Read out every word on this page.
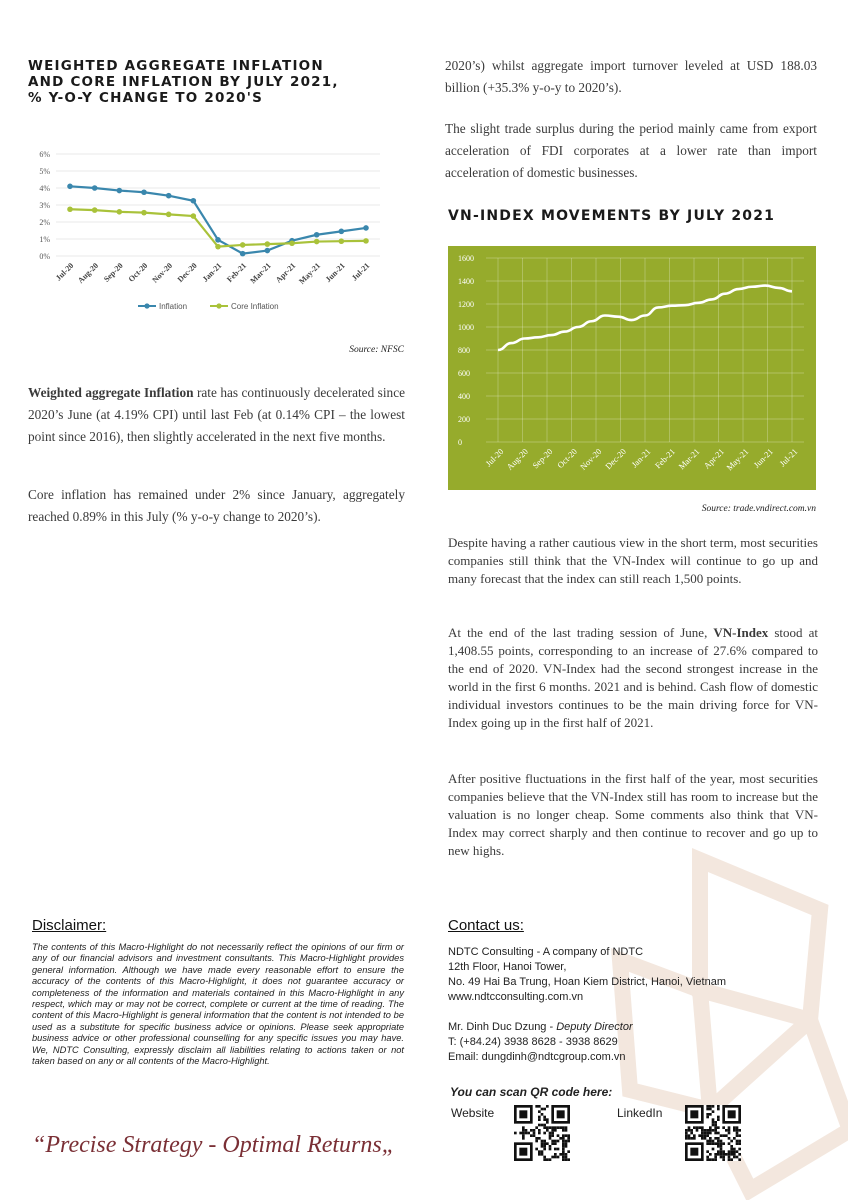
WEIGHTED AGGREGATE INFLATION AND CORE INFLATION BY JULY 2021, % Y-O-Y CHANGE TO 2020'S
0%
1%
2%
3%
4%
5%
6%
Jul-20 Aug-20 Sep-20 Oct-20 Nov-20 Dec-20 Jan-21 Feb-21 Mar-21 Apr-21 May-21 Jun-21 Jul-21
Inflation	Core Inflation
Source: NFSC
Weighted aggregate Inflation rate has continuously decelerated since 2020’s June (at 4.19% CPI) until last Feb (at 0.14% CPI – the lowest point since 2016), then slightly accelerated in the next five months.
Core inflation has remained under 2% since January, aggregately reached 0.89% in this July (% y-o-y change to 2020’s).
2020’s) whilst aggregate import turnover leveled at USD 188.03 billion (+35.3% y-o-y to 2020’s).
The slight trade surplus during the period mainly came from export acceleration of FDI corporates at a lower rate than import acceleration of domestic businesses.
VN-INDEX MOVEMENTS BY JULY 2021
0
200
400
600
800
1000
1200
1400
1600
Jul-20 Aug-20 Sep-20 Oct-20 Nov-20 Dec-20 Jan-21 Feb-21 Mar-21 Apr-21
May-21 Jun-21 Jul-21
Source: trade.vndirect.com.vn
Despite having a rather cautious view in the short term, most securities companies still think that the VN-Index will continue to go up and many forecast that the index can still reach 1,500 points.
At the end of the last trading session of June, VN-Index stood at 1,408.55 points, corresponding to an increase of 27.6% compared to the end of 2020. VN-Index had the second strongest increase in the world in the first 6 months. 2021 and is behind. Cash flow of domestic individual investors continues to be the main driving force for VN-Index going up in the first half of 2021.
After positive fluctuations in the first half of the year, most securities companies believe that the VN-Index still has room to increase but the valuation is no longer cheap. Some comments also think that VN-Index may correct sharply and then continue to recover and go up to new highs.
Disclaimer:
The contents of this Macro-Highlight do not necessarily reflect the opinions of our firm or any of our financial advisors and investment consultants. This Macro-Highlight provides general information. Although we have made every reasonable effort to ensure the accuracy of the contents of this Macro-Highlight, it does not guarantee accuracy or completeness of the information and materials contained in this Macro-Highlight in any respect, which may or may not be correct, complete or current at the time of reading. The content of this Macro-Highlight is general information that the content is not intended to be used as a substitute for specific business advice or opinions. Please seek appropriate business advice or other professional counselling for any specific issues you may have. We, NDTC Consulting, expressly disclaim all liabilities relating to actions taken or not taken based on any or all contents of the Macro-Highlight.
Contact us:
NDTC Consulting - A company of NDTC
12th Floor, Hanoi Tower,
No. 49 Hai Ba Trung, Hoan Kiem District, Hanoi, Vietnam
www.ndtcconsulting.com.vn
Mr. Dinh Duc Dzung - Deputy Director
T: (+84.24) 3938 8628 - 3938 8629
Email: dungdinh@ndtcgroup.com.vn
You can scan QR code here:
Website	LinkedIn
“Precise Strategy - Optimal Returns„
